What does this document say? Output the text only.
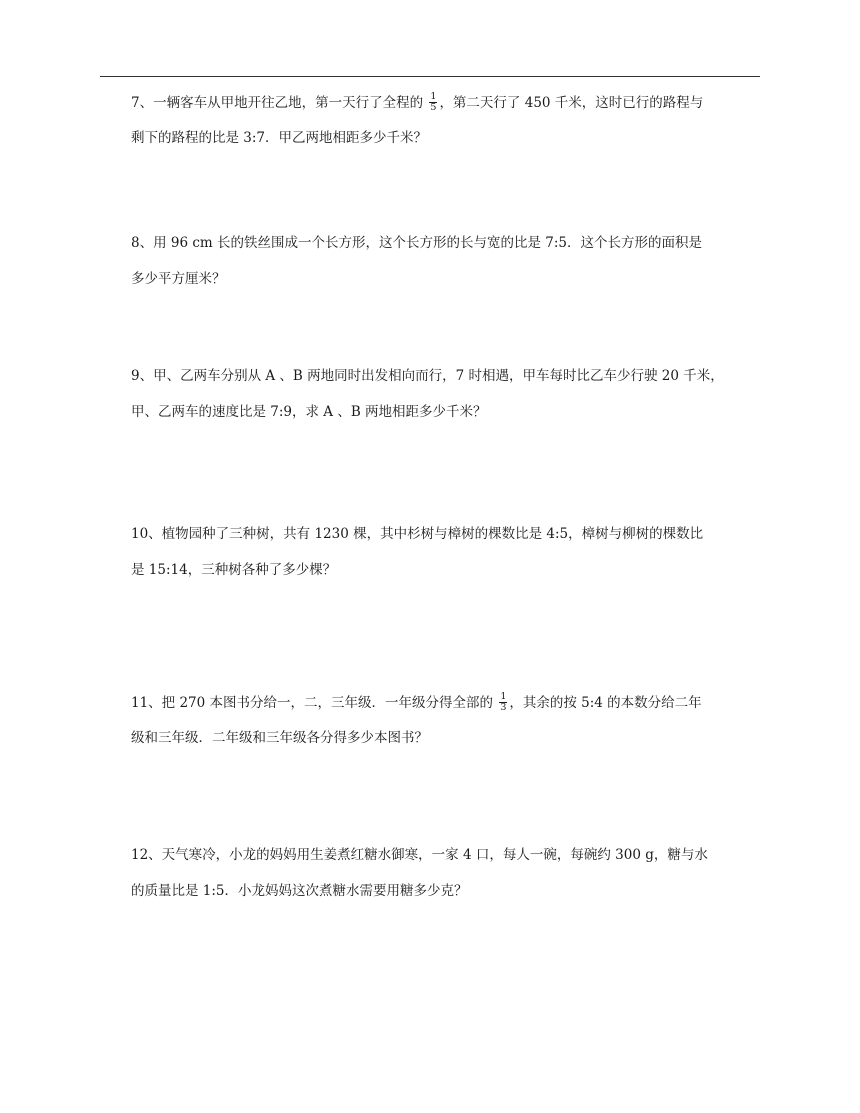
7、一辆客车从甲地开往乙地，第一天行了全程的 $\frac{1}{5}$ ，第二天行了 450 千米，这时已行的路程与
剩下的路程的比是 3:7．甲乙两地相距多少千米？
8、用 96 cm 长的铁丝围成一个长方形，这个长方形的长与宽的比是 7:5．这个长方形的面积是
多少平方厘米？
9、甲、乙两车分别从 A 、B 两地同时出发相向而行，7 时相遇，甲车每时比乙车少行驶 20 千米，
甲、乙两车的速度比是 7:9，求 A 、B 两地相距多少千米？
10、植物园种了三种树，共有 1230 棵，其中杉树与樟树的棵数比是 4:5，樟树与柳树的棵数比
是 15:14，三种树各种了多少棵？
11、把 270 本图书分给一，二，三年级．一年级分得全部的 $\frac{1}{3}$ ，其余的按 5:4 的本数分给二年
级和三年级．二年级和三年级各分得多少本图书？
12、天气寒冷，小龙的妈妈用生姜煮红糖水御寒，一家 4 口，每人一碗，每碗约 300 g，糖与水
的质量比是 1:5．小龙妈妈这次煮糖水需要用糖多少克？
